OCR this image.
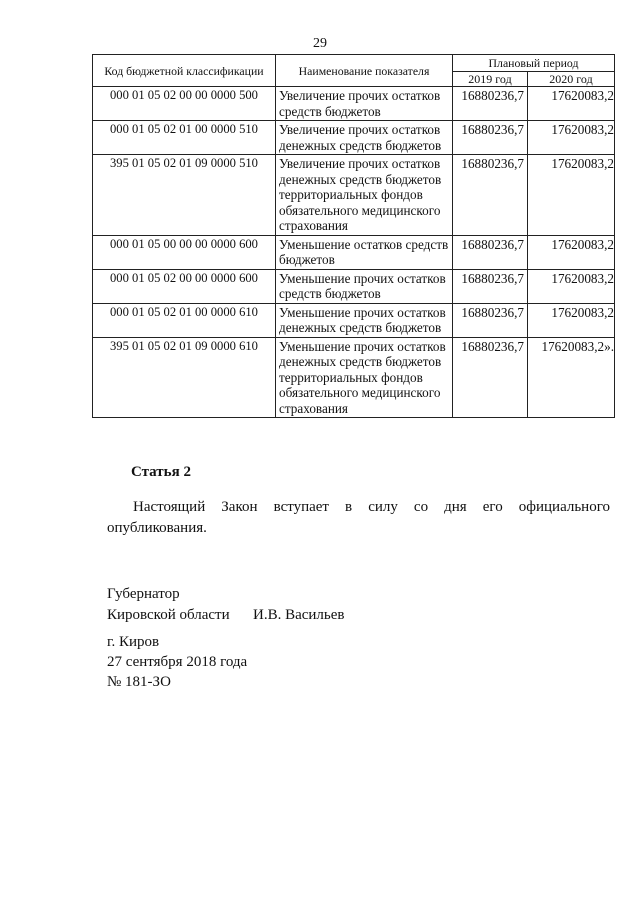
29
Код бюджетной классификации	Наименование показателя	Плановый период	
		2019 год	2020 год
000 01 05 02 00 00 0000 500	Увеличение прочих остатков средств бюджетов	16880236,7	17620083,2
000 01 05 02 01 00 0000 510	Увеличение прочих остатков денежных средств бюджетов	16880236,7	17620083,2
395 01 05 02 01 09 0000 510	Увеличение прочих остатков денежных средств бюджетов территориальных фондов обязательного медицинского страхования	16880236,7	17620083,2
000 01 05 00 00 00 0000 600	Уменьшение остатков средств бюджетов	16880236,7	17620083,2
000 01 05 02 00 00 0000 600	Уменьшение прочих остатков средств бюджетов	16880236,7	17620083,2
000 01 05 02 01 00 0000 610	Уменьшение прочих остатков денежных средств бюджетов	16880236,7	17620083,2
395 01 05 02 01 09 0000 610	Уменьшение прочих остатков денежных средств бюджетов территориальных фондов обязательного медицинского страхования	16880236,7	17620083,2».
Статья 2
Настоящий Закон вступает в силу со дня его официального опубликования.
Губернатор
Кировской области И.В. Васильев
г. Киров
27 сентября 2018 года
№ 181-ЗО
